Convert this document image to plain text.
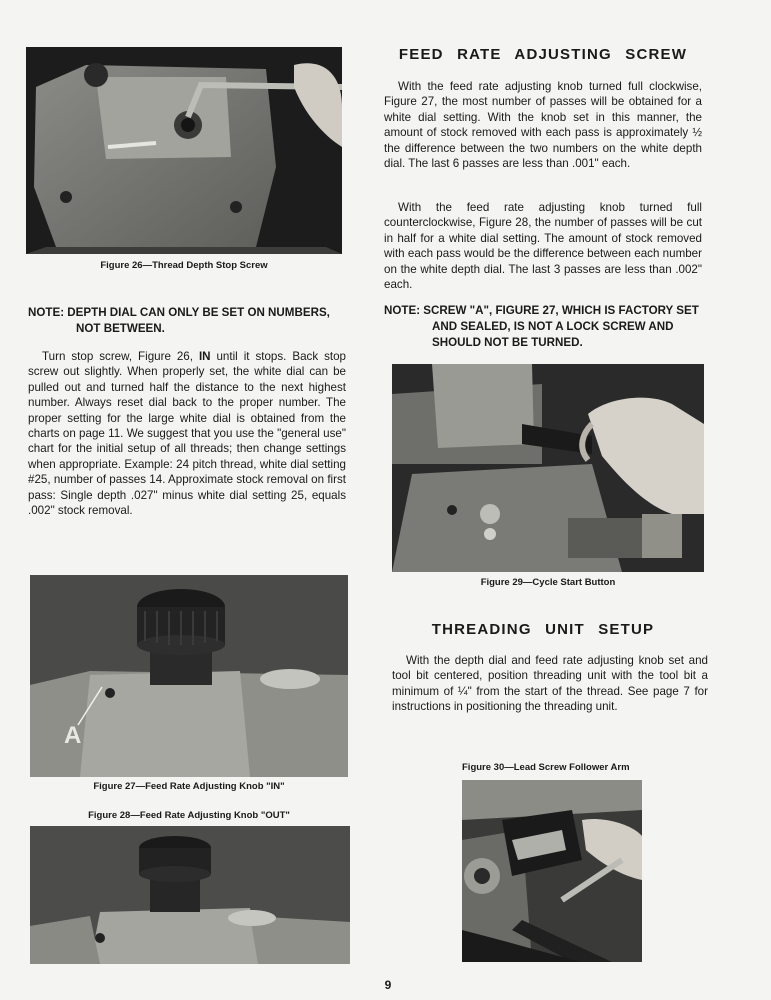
Figure 26—Thread Depth Stop Screw
NOTE: DEPTH DIAL CAN ONLY BE SET ON NUMBERS, NOT BETWEEN.

Turn stop screw, Figure 26, IN until it stops. Back stop screw out slightly. When properly set, the white dial can be pulled out and turned half the distance to the next highest number. Always reset dial back to the proper number. The proper setting for the large white dial is obtained from the charts on page 11. We suggest that you use the "general use" chart for the initial setup of all threads; then change settings when appropriate. Example: 24 pitch thread, white dial setting #25, number of passes 14. Approximate stock removal on first pass: Single depth .027" minus white dial setting 25, equals .002" stock removal.

A
Figure 27—Feed Rate Adjusting Knob "IN"
Figure 28—Feed Rate Adjusting Knob "OUT"
FEED RATE ADJUSTING SCREW

With the feed rate adjusting knob turned full clockwise, Figure 27, the most number of passes will be obtained for a white dial setting. With the knob set in this manner, the amount of stock removed with each pass is approximately ½ the difference between the two numbers on the white depth dial. The last 6 passes are less than .001" each.

With the feed rate adjusting knob turned full counterclockwise, Figure 28, the number of passes will be cut in half for a white dial setting. The amount of stock removed with each pass would be the difference between each number on the white depth dial. The last 3 passes are less than .002" each.

NOTE: SCREW "A", FIGURE 27, WHICH IS FACTORY SET AND SEALED, IS NOT A LOCK SCREW AND SHOULD NOT BE TURNED.
Figure 29—Cycle Start Button
THREADING UNIT SETUP

With the depth dial and feed rate adjusting knob set and tool bit centered, position threading unit with the tool bit a minimum of ¼" from the start of the thread. See page 7 for instructions in positioning the threading unit.

Figure 30—Lead Screw Follower Arm
9
